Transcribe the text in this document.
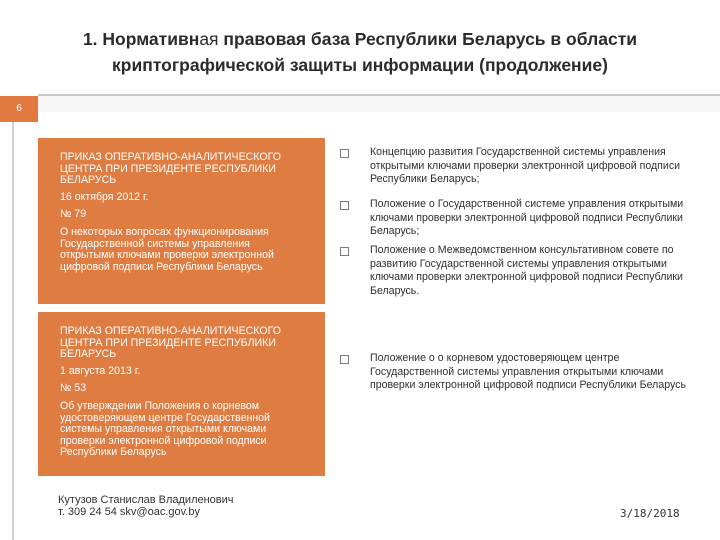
1. Нормативная правовая база Республики Беларусь в области криптографической защиты информации (продолжение)
6

ПРИКАЗ ОПЕРАТИВНО-АНАЛИТИЧЕСКОГО ЦЕНТРА ПРИ ПРЕЗИДЕНТЕ РЕСПУБЛИКИ БЕЛАРУСЬ

16 октября 2012 г.

№ 79

О некоторых вопросах функционирования Государственной системы управления открытыми ключами проверки электронной цифровой подписи Республики Беларусь

ПРИКАЗ ОПЕРАТИВНО-АНАЛИТИЧЕСКОГО ЦЕНТРА ПРИ ПРЕЗИДЕНТЕ РЕСПУБЛИКИ БЕЛАРУСЬ

1 августа 2013 г.

№ 53

Об утверждении Положения о корневом удостоверяющем центре Государственной системы управления открытыми ключами проверки электронной цифровой подписи Республики Беларусь

Концепцию развития Государственной системы управления открытыми ключами проверки электронной цифровой подписи Республики Беларусь;
Положение о Государственной системе управления открытыми ключами проверки электронной цифровой подписи Республики Беларусь;
Положение о Межведомственном консультативном совете по развитию Государственной системы управления открытыми ключами проверки электронной цифровой подписи Республики Беларусь.
Положение о о корневом удостоверяющем центре Государственной системы управления открытыми ключами проверки электронной цифровой подписи Республики Беларусь
Кутузов Станислав Владиленович
т. 309 24 54 skv@oac.gov.by	3/18/2018
